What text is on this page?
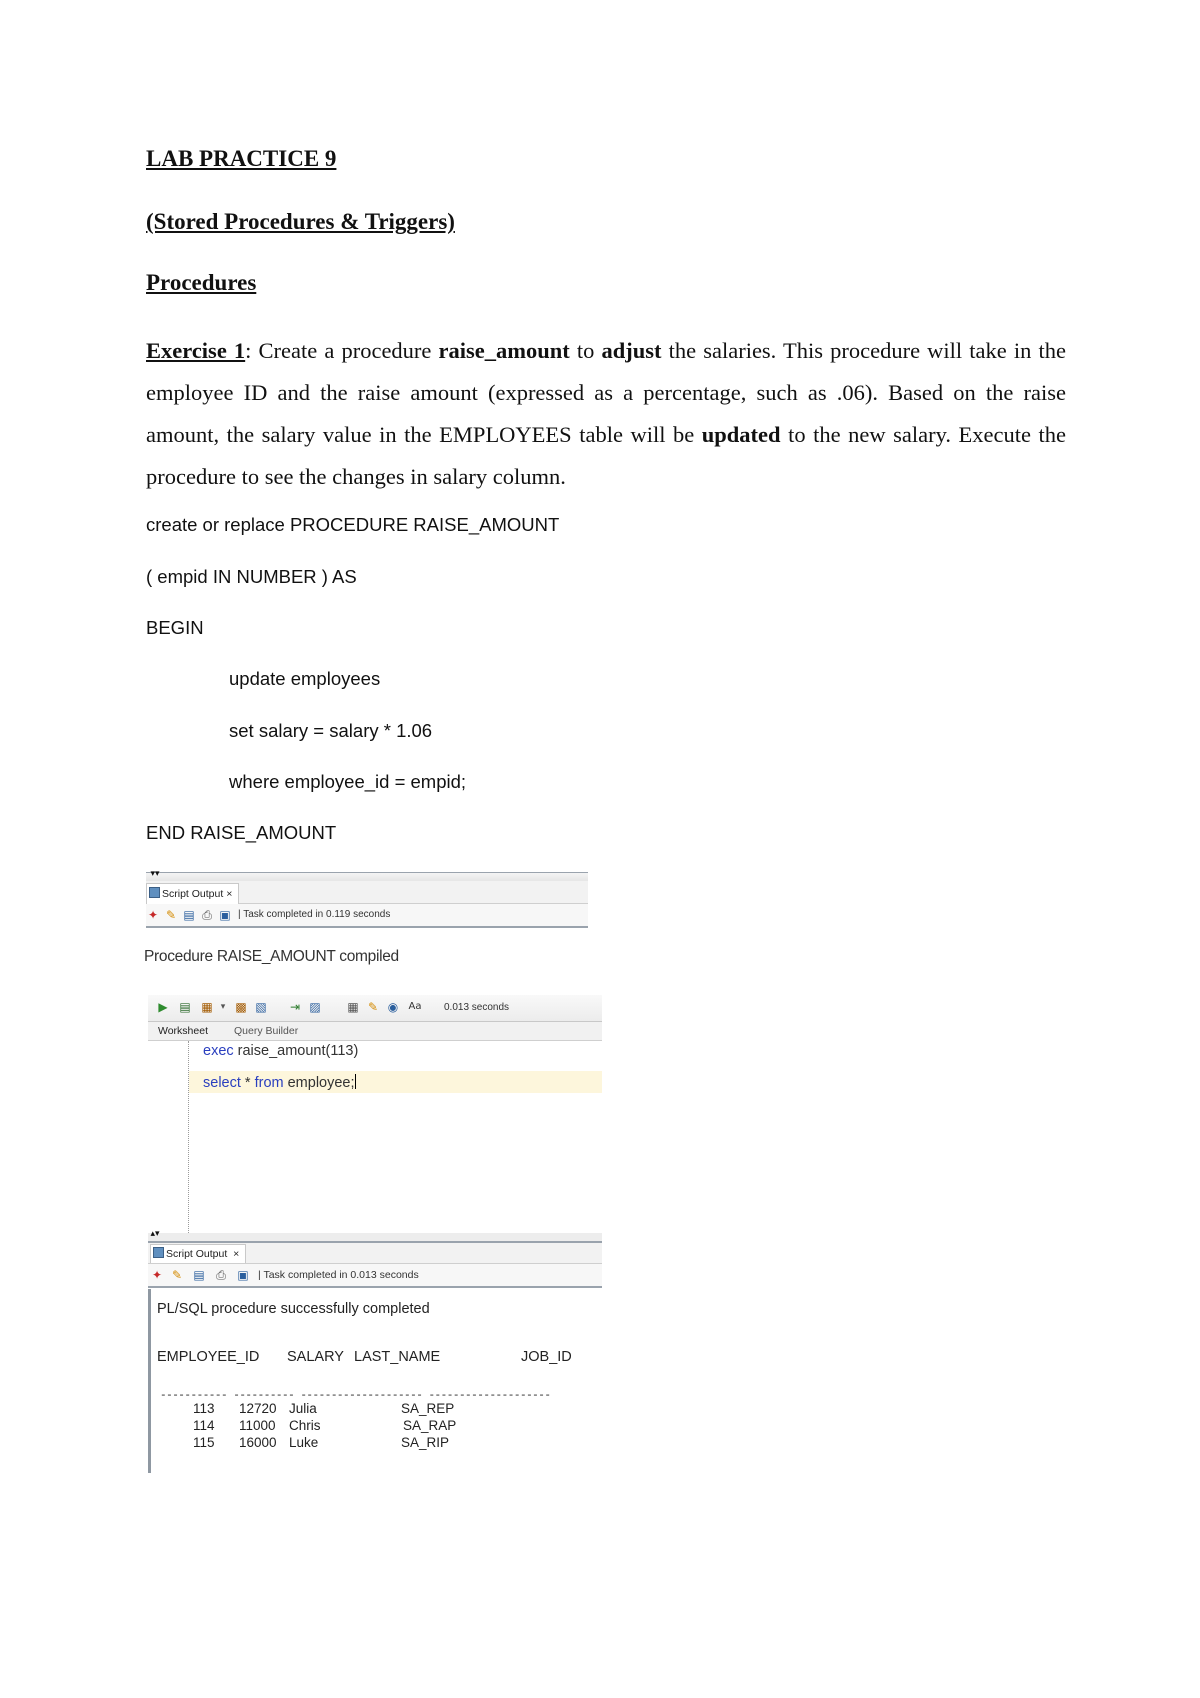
LAB PRACTICE 9
(Stored Procedures & Triggers)
Procedures
Exercise 1: Create a procedure raise_amount to adjust the salaries. This procedure will take in the employee ID and the raise amount (expressed as a percentage, such as .06). Based on the raise amount, the salary value in the EMPLOYEES table will be updated to the new salary. Execute the procedure to see the changes in salary column.
create or replace PROCEDURE RAISE_AMOUNT
( empid IN NUMBER ) AS
BEGIN
update employees
set salary = salary * 1.06
where employee_id = empid;
END RAISE_AMOUNT
▾▾
Script Output ×
✦ ✎ ▤ ⎙ ▣ | Task completed in 0.119 seconds
Procedure RAISE_AMOUNT compiled
▶ ▤ ▦ ▾ ▩ ▧ ⇥ ▨ ▦ ✎ ◉ Aa 0.013 seconds
Worksheet Query Builder
exec raise_amount(113)
select * from employee;
▴▾
Script Output ×
✦ ✎ ▤ ⎙ ▣ | Task completed in 0.013 seconds
PL/SQL procedure successfully completed
EMPLOYEE_ID SALARY LAST_NAME	JOB_ID
----------- ---------- -------------------- --------------------
113 12720 Julia	SA_REP
114 11000 Chris	SA_RAP
115 16000 Luke	SA_RIP
